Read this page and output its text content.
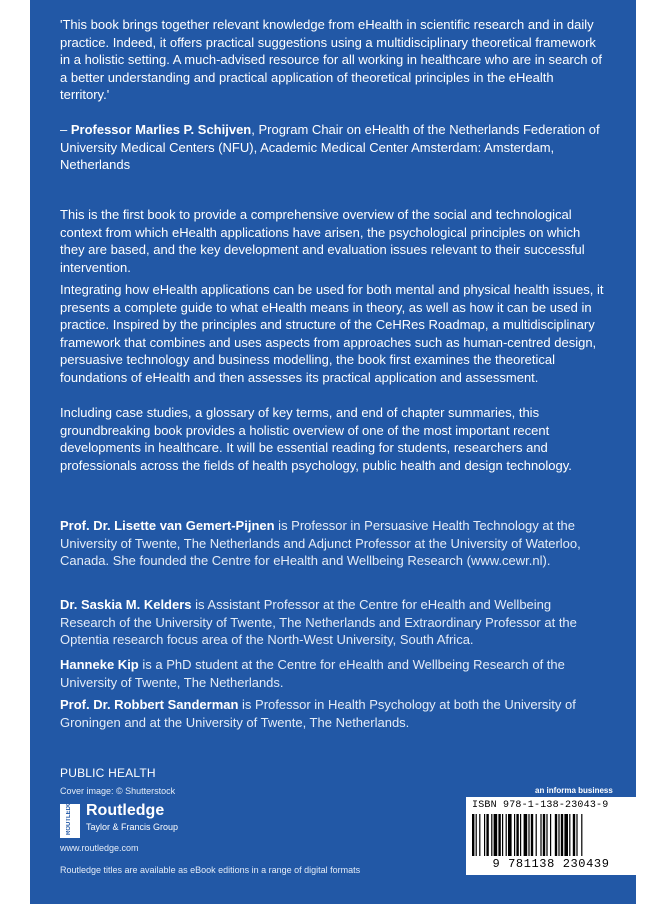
'This book brings together relevant knowledge from eHealth in scientific research and in daily practice. Indeed, it offers practical suggestions using a multidisciplinary theoretical framework in a holistic setting. A much-advised resource for all working in healthcare who are in search of a better understanding and practical application of theoretical principles in the eHealth territory.'

– Professor Marlies P. Schijven, Program Chair on eHealth of the Netherlands Federation of University Medical Centers (NFU), Academic Medical Center Amsterdam: Amsterdam, Netherlands

This is the first book to provide a comprehensive overview of the social and technological context from which eHealth applications have arisen, the psychological principles on which they are based, and the key development and evaluation issues relevant to their successful intervention.

Integrating how eHealth applications can be used for both mental and physical health issues, it presents a complete guide to what eHealth means in theory, as well as how it can be used in practice. Inspired by the principles and structure of the CeHRes Roadmap, a multidisciplinary framework that combines and uses aspects from approaches such as human-centred design, persuasive technology and business modelling, the book first examines the theoretical foundations of eHealth and then assesses its practical application and assessment.

Including case studies, a glossary of key terms, and end of chapter summaries, this groundbreaking book provides a holistic overview of one of the most important recent developments in healthcare. It will be essential reading for students, researchers and professionals across the fields of health psychology, public health and design technology.

Prof. Dr. Lisette van Gemert-Pijnen is Professor in Persuasive Health Technology at the University of Twente, The Netherlands and Adjunct Professor at the University of Waterloo, Canada. She founded the Centre for eHealth and Wellbeing Research (www.cewr.nl).

Dr. Saskia M. Kelders is Assistant Professor at the Centre for eHealth and Wellbeing Research of the University of Twente, The Netherlands and Extraordinary Professor at the Optentia research focus area of the North-West University, South Africa.

Hanneke Kip is a PhD student at the Centre for eHealth and Wellbeing Research of the University of Twente, The Netherlands.

Prof. Dr. Robbert Sanderman is Professor in Health Psychology at both the University of Groningen and at the University of Twente, The Netherlands.

PUBLIC HEALTH
Cover image: © Shutterstock
ROUTLEDGE Routledge
Taylor & Francis Group
www.routledge.com
Routledge titles are available as eBook editions in a range of digital formats
an informa business
ISBN 978-1-138-23043-9
9 781138 230439
